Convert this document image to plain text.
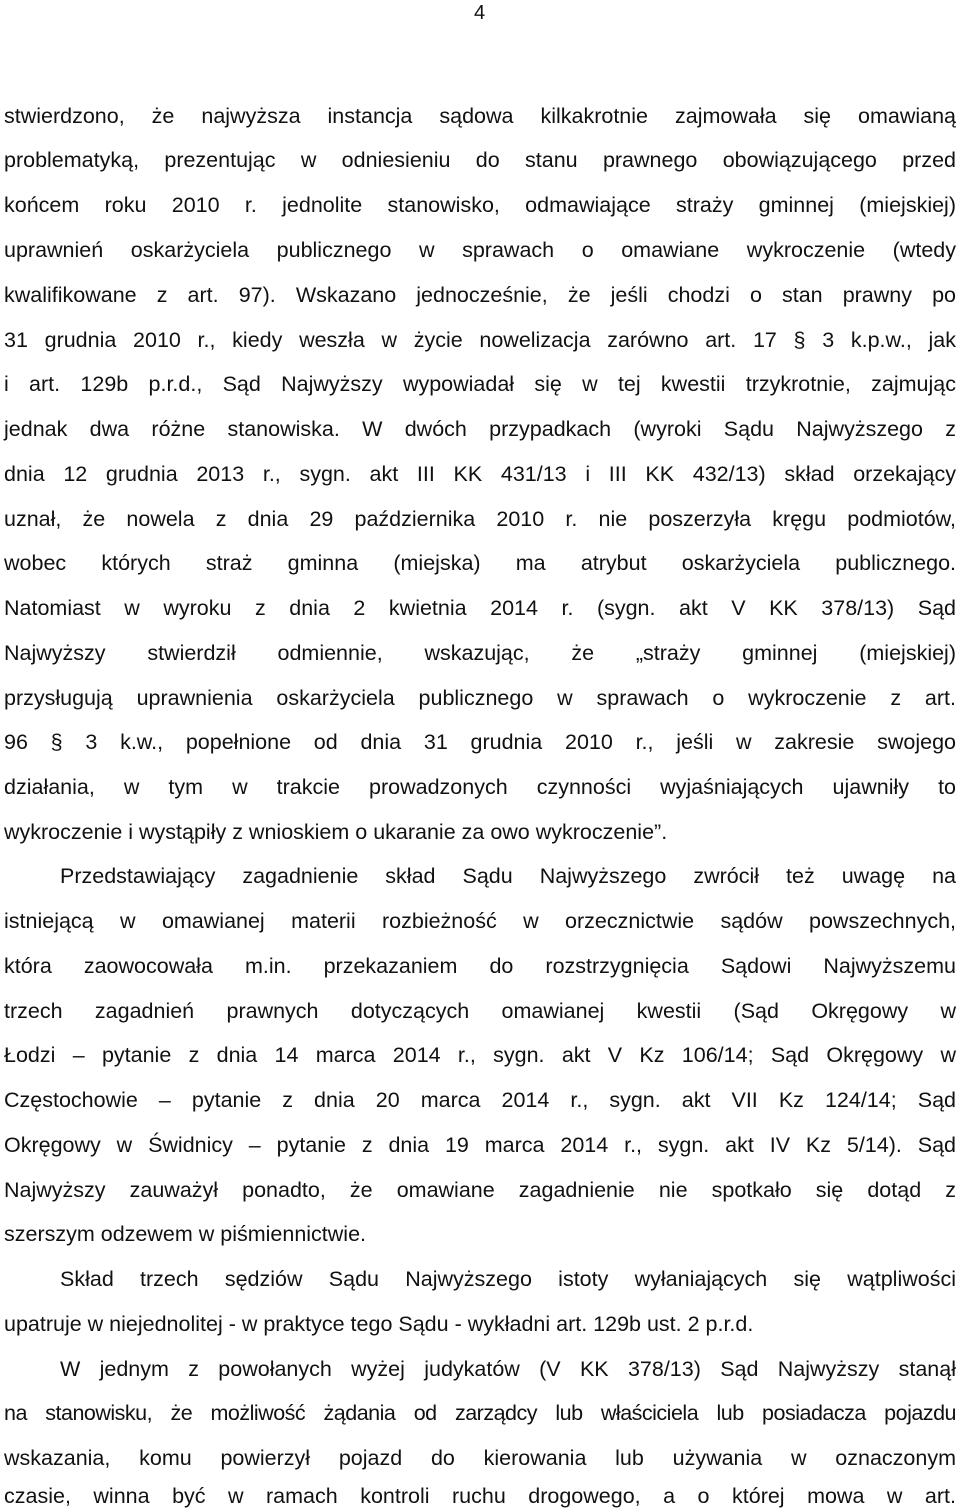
4
stwierdzono, że najwyższa instancja sądowa kilkakrotnie zajmowała się omawianą
problematyką, prezentując w odniesieniu do stanu prawnego obowiązującego przed
końcem roku 2010 r. jednolite stanowisko, odmawiające straży gminnej (miejskiej)
uprawnień oskarżyciela publicznego w sprawach o omawiane wykroczenie (wtedy
kwalifikowane z art. 97). Wskazano jednocześnie, że jeśli chodzi o stan prawny po
31 grudnia 2010 r., kiedy weszła w życie nowelizacja zarówno art. 17 § 3 k.p.w., jak
i art. 129b p.r.d., Sąd Najwyższy wypowiadał się w tej kwestii trzykrotnie, zajmując
jednak dwa różne stanowiska. W dwóch przypadkach (wyroki Sądu Najwyższego z
dnia 12 grudnia 2013 r., sygn. akt III KK 431/13 i III KK 432/13) skład orzekający
uznał, że nowela z dnia 29 października 2010 r. nie poszerzyła kręgu podmiotów,
wobec których straż gminna (miejska) ma atrybut oskarżyciela publicznego.
Natomiast w wyroku z dnia 2 kwietnia 2014 r. (sygn. akt V KK 378/13) Sąd
Najwyższy stwierdził odmiennie, wskazując, że „straży gminnej (miejskiej)
przysługują uprawnienia oskarżyciela publicznego w sprawach o wykroczenie z art.
96 § 3 k.w., popełnione od dnia 31 grudnia 2010 r., jeśli w zakresie swojego
działania, w tym w trakcie prowadzonych czynności wyjaśniających ujawniły to
wykroczenie i wystąpiły z wnioskiem o ukaranie za owo wykroczenie”.
Przedstawiający zagadnienie skład Sądu Najwyższego zwrócił też uwagę na
istniejącą w omawianej materii rozbieżność w orzecznictwie sądów powszechnych,
która zaowocowała m.in. przekazaniem do rozstrzygnięcia Sądowi Najwyższemu
trzech zagadnień prawnych dotyczących omawianej kwestii (Sąd Okręgowy w
Łodzi – pytanie z dnia 14 marca 2014 r., sygn. akt V Kz 106/14; Sąd Okręgowy w
Częstochowie – pytanie z dnia 20 marca 2014 r., sygn. akt VII Kz 124/14; Sąd
Okręgowy w Świdnicy – pytanie z dnia 19 marca 2014 r., sygn. akt IV Kz 5/14). Sąd
Najwyższy zauważył ponadto, że omawiane zagadnienie nie spotkało się dotąd z
szerszym odzewem w piśmiennictwie.
Skład trzech sędziów Sądu Najwyższego istoty wyłaniających się wątpliwości
upatruje w niejednolitej - w praktyce tego Sądu - wykładni art. 129b ust. 2 p.r.d.
W jednym z powołanych wyżej judykatów (V KK 378/13) Sąd Najwyższy stanął
na stanowisku, że możliwość żądania od zarządcy lub właściciela lub posiadacza pojazdu
wskazania, komu powierzył pojazd do kierowania lub używania w oznaczonym
czasie, winna być w ramach kontroli ruchu drogowego, a o której mowa w art.
